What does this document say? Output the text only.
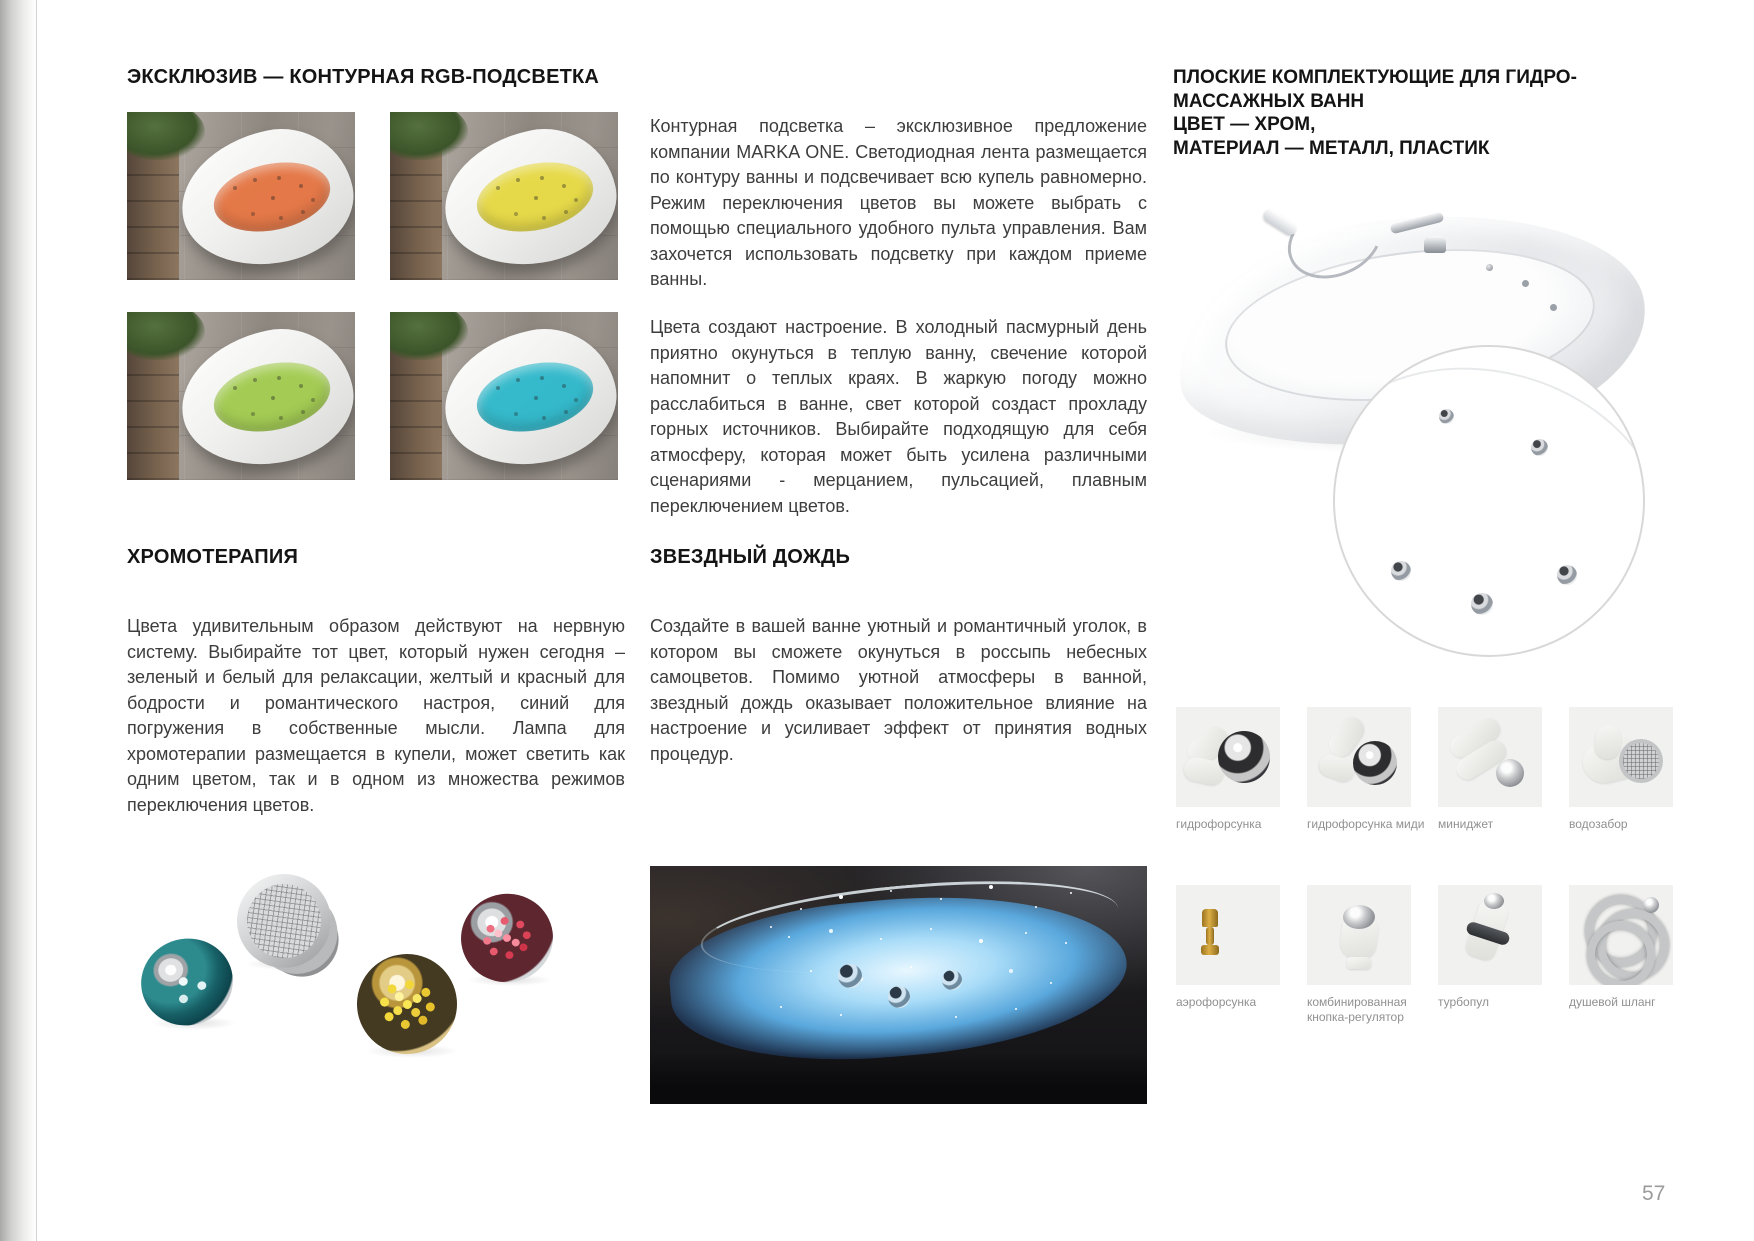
ЭКСКЛЮЗИВ — КОНТУРНАЯ RGB-ПОДСВЕТКА
ХРОМОТЕРАПИЯ

Цвета удивительным образом действуют на нервную систему. Выбирайте тот цвет, который нужен сегодня – зеленый и белый для релаксации, желтый и красный для бодрости и романтического настроя, синий для погружения в собственные мысли. Лампа для хромотерапии размещается в купели, может светить как одним цветом, так и в одном из множества режимов переключения цветов.

Контурная подсветка – эксклюзивное предложение компании MARKA ONE. Светодиодная лента размещается по контуру ванны и подсвечивает всю купель равномерно. Режим переключения цветов вы можете выбрать с помощью специального удобного пульта управления. Вам захочется использовать подсветку при каждом приеме ванны.

Цвета создают настроение. В холодный пасмурный день приятно окунуться в теплую ванну, свечение которой напомнит о теплых краях. В жаркую погоду можно расслабиться в ванне, свет которой создаст прохладу горных источников. Выбирайте подходящую для себя атмосферу, которая может быть усилена различными сценариями - мерцанием, пульсацией, плавным переключением цветов.

ЗВЕЗДНЫЙ ДОЖДЬ

Создайте в вашей ванне уютный и романтичный уголок, в котором вы сможете окунуться в россыпь небесных самоцветов. Помимо уютной атмосферы в ванной, звездный дождь оказывает положительное влияние на настроение и усиливает эффект от принятия водных процедур.

ПЛОСКИЕ КОМПЛЕКТУЮЩИЕ ДЛЯ ГИДРО-
МАССАЖНЫХ ВАНН
ЦВЕТ — ХРОМ,
МАТЕРИАЛ — МЕТАЛЛ, ПЛАСТИК
гидрофорсунка	гидрофорсунка миди миниджет	водозабор
аэрофорсунка	комбинированная кнопка-регулятор
турбопул	душевой шланг
57
